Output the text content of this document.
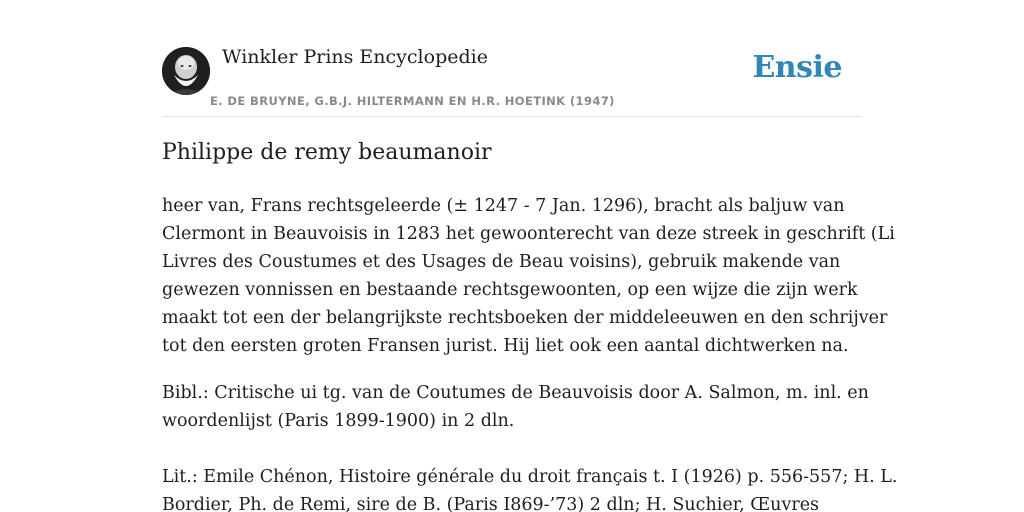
Winkler Prins Encyclopedie
E. DE BRUYNE, G.B.J. HILTERMANN EN H.R. HOETINK (1947)
Ensie
Philippe de remy beaumanoir

heer van, Frans rechtsgeleerde (± 1247 - 7 Jan. 1296), bracht als baljuw van
Clermont in Beauvoisis in 1283 het gewoonterecht van deze streek in geschrift (Li
Livres des Coustumes et des Usages de Beau voisins), gebruik makende van
gewezen vonnissen en bestaande rechtsgewoonten, op een wijze die zijn werk
maakt tot een der belangrijkste rechtsboeken der middeleeuwen en den schrijver
tot den eersten groten Fransen jurist. Hij liet ook een aantal dichtwerken na.

Bibl.: Critische ui tg. van de Coutumes de Beauvoisis door A. Salmon, m. inl. en
woordenlijst (Paris 1899-1900) in 2 dln.

Lit.: Emile Chénon, Histoire générale du droit français t. I (1926) p. 556-557; H. L.
Bordier, Ph. de Remi, sire de B. (Paris I869-’73) 2 dln; H. Suchier, Œuvres
